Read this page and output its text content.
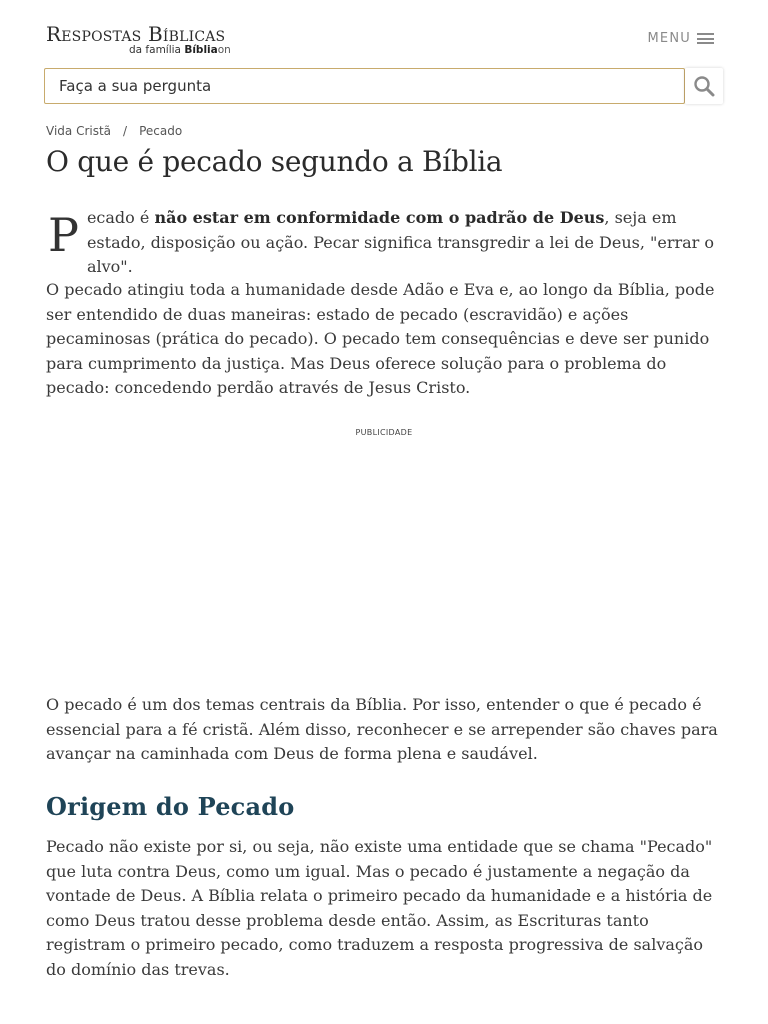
Respostas Bíblicas
da família Bíbliaon
MENU
Faça a sua pergunta
Vida Cristã / Pecado
O que é pecado segundo a Bíblia

Pecado é não estar em conformidade com o padrão de Deus, seja em estado, disposição ou ação. Pecar significa transgredir a lei de Deus, "errar o alvo".

O pecado atingiu toda a humanidade desde Adão e Eva e, ao longo da Bíblia, pode ser entendido de duas maneiras: estado de pecado (escravidão) e ações pecaminosas (prática do pecado). O pecado tem consequências e deve ser punido para cumprimento da justiça. Mas Deus oferece solução para o problema do pecado: concedendo perdão através de Jesus Cristo.

PUBLICIDADE

O pecado é um dos temas centrais da Bíblia. Por isso, entender o que é pecado é essencial para a fé cristã. Além disso, reconhecer e se arrepender são chaves para avançar na caminhada com Deus de forma plena e saudável.

Origem do Pecado

Pecado não existe por si, ou seja, não existe uma entidade que se chama "Pecado" que luta contra Deus, como um igual. Mas o pecado é justamente a negação da vontade de Deus. A Bíblia relata o primeiro pecado da humanidade e a história de como Deus tratou desse problema desde então. Assim, as Escrituras tanto registram o primeiro pecado, como traduzem a resposta progressiva de salvação do domínio das trevas.
